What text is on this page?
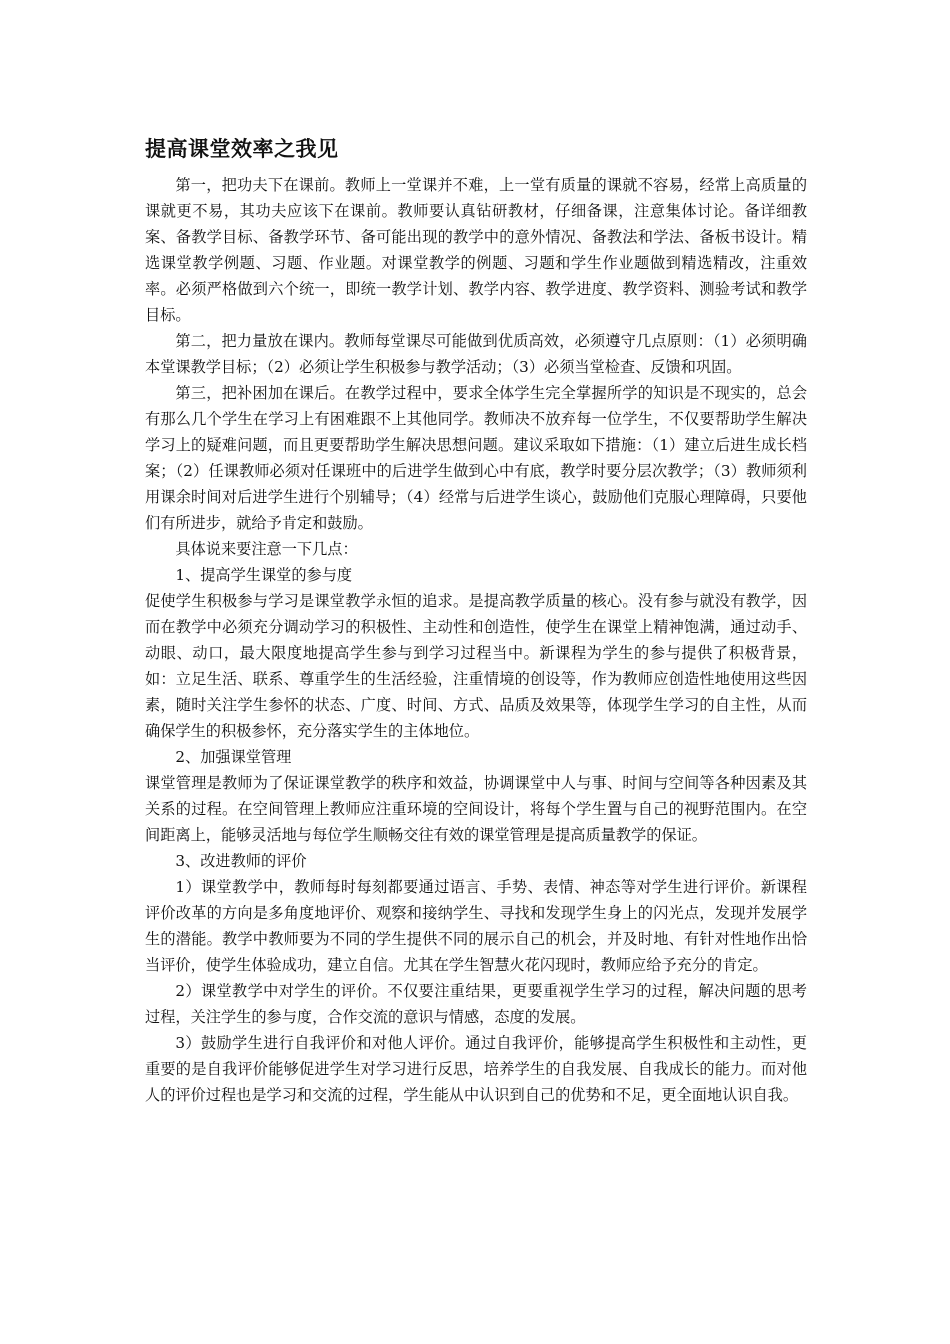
提高课堂效率之我见

第一，把功夫下在课前。教师上一堂课并不难，上一堂有质量的课就不容易，经常上高质量的课就更不易，其功夫应该下在课前。教师要认真钻研教材，仔细备课，注意集体讨论。备详细教案、备教学目标、备教学环节、备可能出现的教学中的意外情况、备教法和学法、备板书设计。精选课堂教学例题、习题、作业题。对课堂教学的例题、习题和学生作业题做到精选精改，注重效率。必须严格做到六个统一，即统一教学计划、教学内容、教学进度、教学资料、测验考试和教学目标。

第二，把力量放在课内。教师每堂课尽可能做到优质高效，必须遵守几点原则：（1）必须明确本堂课教学目标；（2）必须让学生积极参与教学活动；（3）必须当堂检查、反馈和巩固。

第三，把补困加在课后。在教学过程中，要求全体学生完全掌握所学的知识是不现实的，总会有那么几个学生在学习上有困难跟不上其他同学。教师决不放弃每一位学生，不仅要帮助学生解决学习上的疑难问题，而且更要帮助学生解决思想问题。建议采取如下措施：（1）建立后进生成长档案；（2）任课教师必须对任课班中的后进学生做到心中有底，教学时要分层次教学；（3）教师须利用课余时间对后进学生进行个别辅导；（4）经常与后进学生谈心，鼓励他们克服心理障碍，只要他们有所进步，就给予肯定和鼓励。

具体说来要注意一下几点：

1、提高学生课堂的参与度

促使学生积极参与学习是课堂教学永恒的追求。是提高教学质量的核心。没有参与就没有教学，因而在教学中必须充分调动学习的积极性、主动性和创造性，使学生在课堂上精神饱满，通过动手、动眼、动口，最大限度地提高学生参与到学习过程当中。新课程为学生的参与提供了积极背景，如：立足生活、联系、尊重学生的生活经验，注重情境的创设等，作为教师应创造性地使用这些因素，随时关注学生参怀的状态、广度、时间、方式、品质及效果等，体现学生学习的自主性，从而确保学生的积极参怀，充分落实学生的主体地位。

2、加强课堂管理

课堂管理是教师为了保证课堂教学的秩序和效益，协调课堂中人与事、时间与空间等各种因素及其关系的过程。在空间管理上教师应注重环境的空间设计，将每个学生置与自己的视野范围内。在空间距离上，能够灵活地与每位学生顺畅交往有效的课堂管理是提高质量教学的保证。

3、改进教师的评价

1）课堂教学中，教师每时每刻都要通过语言、手势、表情、神态等对学生进行评价。新课程评价改革的方向是多角度地评价、观察和接纳学生、寻找和发现学生身上的闪光点，发现并发展学生的潜能。教学中教师要为不同的学生提供不同的展示自己的机会，并及时地、有针对性地作出恰当评价，使学生体验成功，建立自信。尤其在学生智慧火花闪现时，教师应给予充分的肯定。

2）课堂教学中对学生的评价。不仅要注重结果，更要重视学生学习的过程，解决问题的思考过程，关注学生的参与度，合作交流的意识与情感，态度的发展。

3）鼓励学生进行自我评价和对他人评价。通过自我评价，能够提高学生积极性和主动性，更重要的是自我评价能够促进学生对学习进行反思，培养学生的自我发展、自我成长的能力。而对他人的评价过程也是学习和交流的过程，学生能从中认识到自己的优势和不足，更全面地认识自我。
